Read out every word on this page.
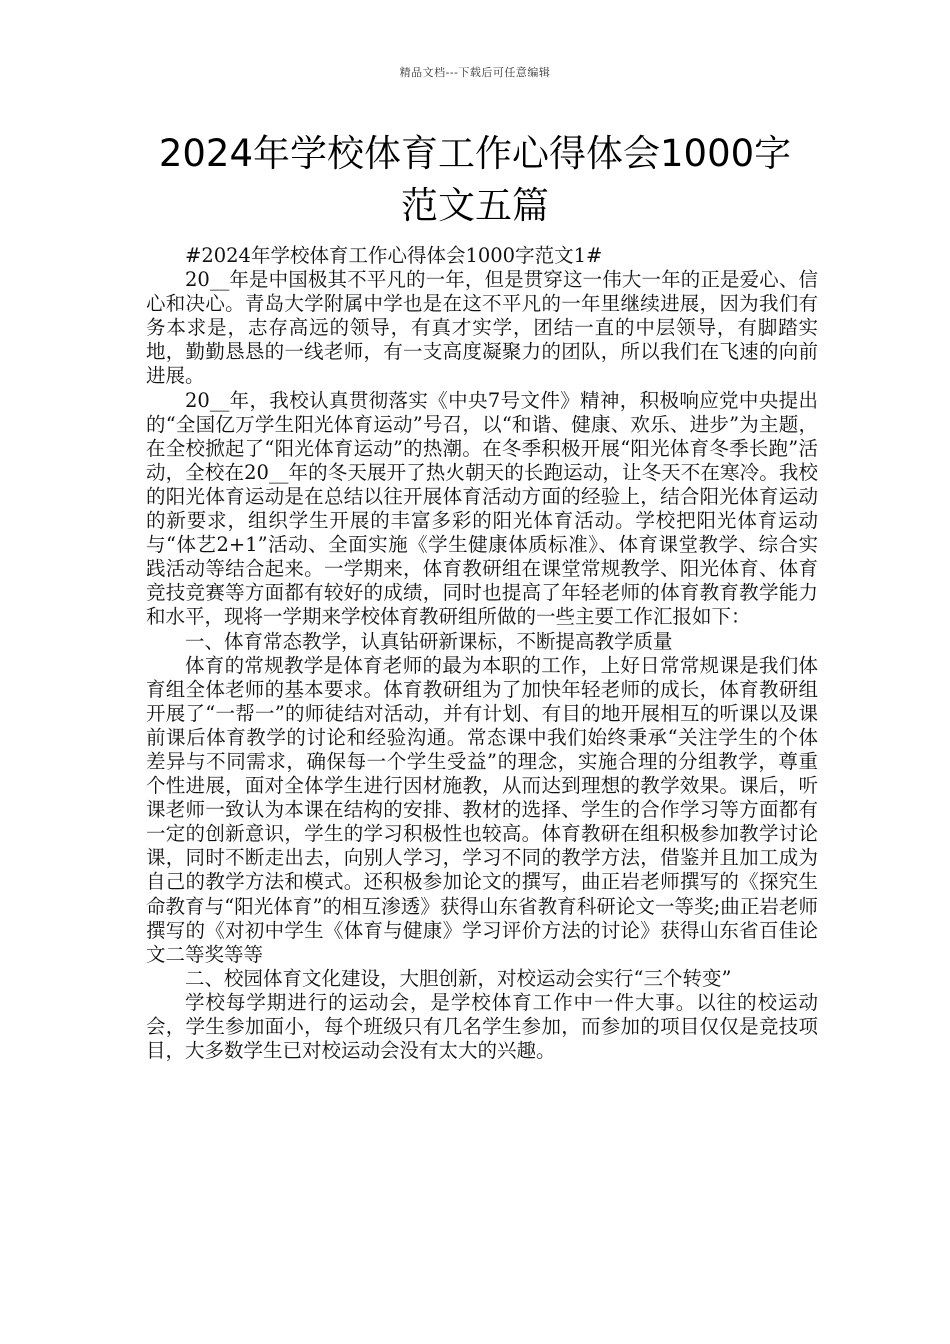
精品文档---下载后可任意编辑
2024年学校体育工作心得体会1000字
范文五篇

#2024年学校体育工作心得体会1000字范文1#

20__年是中国极其不平凡的一年，但是贯穿这一伟大一年的正是爱心、信心和决心。青岛大学附属中学也是在这不平凡的一年里继续进展，因为我们有务本求是，志存高远的领导，有真才实学，团结一直的中层领导，有脚踏实地，勤勤恳恳的一线老师，有一支高度凝聚力的团队，所以我们在飞速的向前进展。

20__年，我校认真贯彻落实《中央7号文件》精神，积极响应党中央提出的“全国亿万学生阳光体育运动”号召，以“和谐、健康、欢乐、进步”为主题，在全校掀起了“阳光体育运动”的热潮。在冬季积极开展“阳光体育冬季长跑”活动，全校在20__年的冬天展开了热火朝天的长跑运动，让冬天不在寒冷。我校的阳光体育运动是在总结以往开展体育活动方面的经验上，结合阳光体育运动的新要求，组织学生开展的丰富多彩的阳光体育活动。学校把阳光体育运动与“体艺2+1”活动、全面实施《学生健康体质标准》、体育课堂教学、综合实践活动等结合起来。一学期来，体育教研组在课堂常规教学、阳光体育、体育竞技竞赛等方面都有较好的成绩，同时也提高了年轻老师的体育教育教学能力和水平，现将一学期来学校体育教研组所做的一些主要工作汇报如下：

一、体育常态教学，认真钻研新课标，不断提高教学质量

体育的常规教学是体育老师的最为本职的工作，上好日常常规课是我们体育组全体老师的基本要求。体育教研组为了加快年轻老师的成长，体育教研组开展了“一帮一”的师徒结对活动，并有计划、有目的地开展相互的听课以及课前课后体育教学的讨论和经验沟通。常态课中我们始终秉承“关注学生的个体差异与不同需求，确保每一个学生受益”的理念，实施合理的分组教学，尊重个性进展，面对全体学生进行因材施教，从而达到理想的教学效果。课后，听课老师一致认为本课在结构的安排、教材的选择、学生的合作学习等方面都有一定的创新意识，学生的学习积极性也较高。体育教研在组积极参加教学讨论课，同时不断走出去，向别人学习，学习不同的教学方法，借鉴并且加工成为自己的教学方法和模式。还积极参加论文的撰写，曲正岩老师撰写的《探究生命教育与“阳光体育”的相互渗透》获得山东省教育科研论文一等奖;曲正岩老师撰写的《对初中学生《体育与健康》学习评价方法的讨论》获得山东省百佳论文二等奖等等

二、校园体育文化建设，大胆创新，对校运动会实行“三个转变”

学校每学期进行的运动会，是学校体育工作中一件大事。以往的校运动会，学生参加面小，每个班级只有几名学生参加，而参加的项目仅仅是竞技项目，大多数学生已对校运动会没有太大的兴趣。
